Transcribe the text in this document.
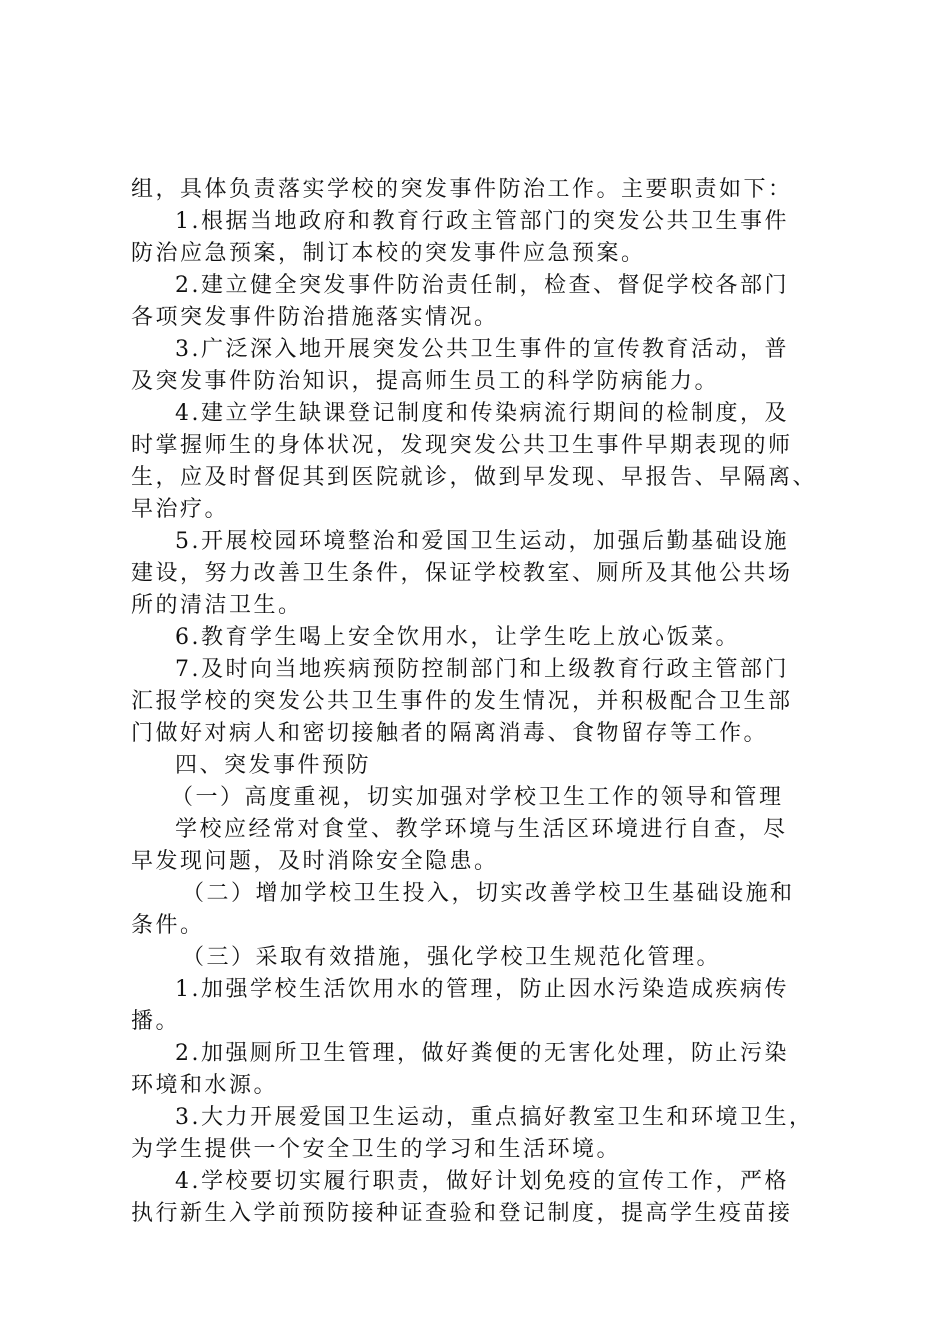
组，具体负责落实学校的突发事件防治工作。主要职责如下：
1.根据当地政府和教育行政主管部门的突发公共卫生事件
防治应急预案，制订本校的突发事件应急预案。
2.建立健全突发事件防治责任制，检查、督促学校各部门
各项突发事件防治措施落实情况。
3.广泛深入地开展突发公共卫生事件的宣传教育活动，普
及突发事件防治知识，提高师生员工的科学防病能力。
4.建立学生缺课登记制度和传染病流行期间的检制度，及
时掌握师生的身体状况，发现突发公共卫生事件早期表现的师
生，应及时督促其到医院就诊，做到早发现、早报告、早隔离、
早治疗。
5.开展校园环境整治和爱国卫生运动，加强后勤基础设施
建设，努力改善卫生条件，保证学校教室、厕所及其他公共场
所的清洁卫生。
6.教育学生喝上安全饮用水，让学生吃上放心饭菜。
7.及时向当地疾病预防控制部门和上级教育行政主管部门
汇报学校的突发公共卫生事件的发生情况，并积极配合卫生部
门做好对病人和密切接触者的隔离消毒、食物留存等工作。
四、突发事件预防
（一）高度重视，切实加强对学校卫生工作的领导和管理
学校应经常对食堂、教学环境与生活区环境进行自查，尽
早发现问题，及时消除安全隐患。
（二）增加学校卫生投入，切实改善学校卫生基础设施和
条件。
（三）采取有效措施，强化学校卫生规范化管理。
1.加强学校生活饮用水的管理，防止因水污染造成疾病传
播。
2.加强厕所卫生管理，做好粪便的无害化处理，防止污染
环境和水源。
3.大力开展爱国卫生运动，重点搞好教室卫生和环境卫生，
为学生提供一个安全卫生的学习和生活环境。
4.学校要切实履行职责，做好计划免疫的宣传工作，严格
执行新生入学前预防接种证查验和登记制度，提高学生疫苗接
